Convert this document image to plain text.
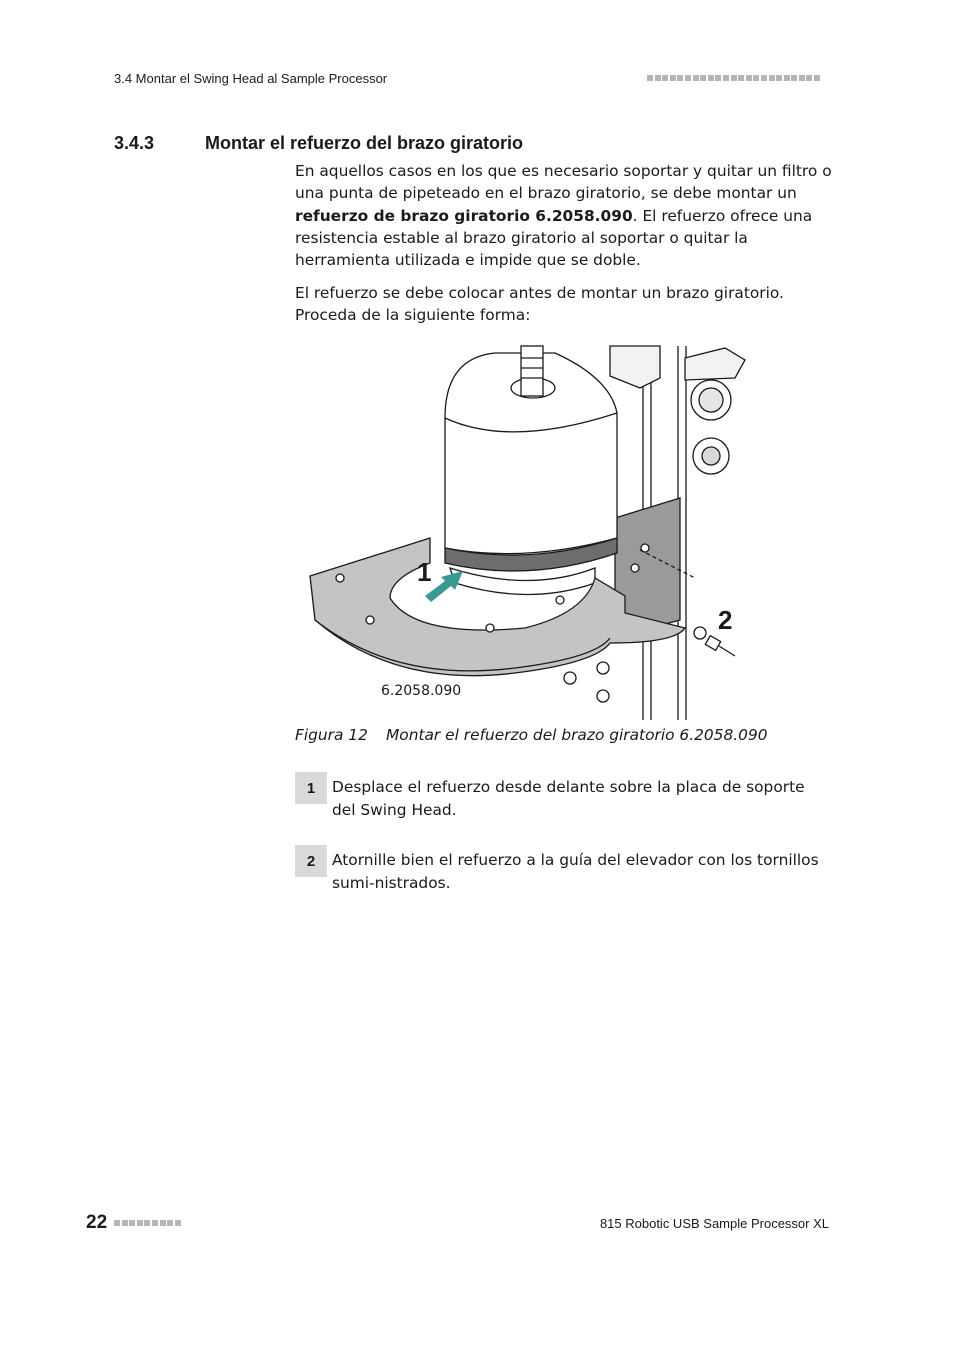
3.4 Montar el Swing Head al Sample Processor
3.4.3	Montar el refuerzo del brazo giratorio
En aquellos casos en los que es necesario soportar y quitar un filtro o una punta de pipeteado en el brazo giratorio, se debe montar un refuerzo de brazo giratorio 6.2058.090. El refuerzo ofrece una resistencia estable al brazo giratorio al soportar o quitar la herramienta utilizada e impide que se doble.
El refuerzo se debe colocar antes de montar un brazo giratorio. Proceda de la siguiente forma:
1
2
6.2058.090
Figura 12 Montar el refuerzo del brazo giratorio 6.2058.090
1	Desplace el refuerzo desde delante sobre la placa de soporte del Swing Head.
2	Atornille bien el refuerzo a la guía del elevador con los tornillos sumi-nistrados.
22	815 Robotic USB Sample Processor XL
